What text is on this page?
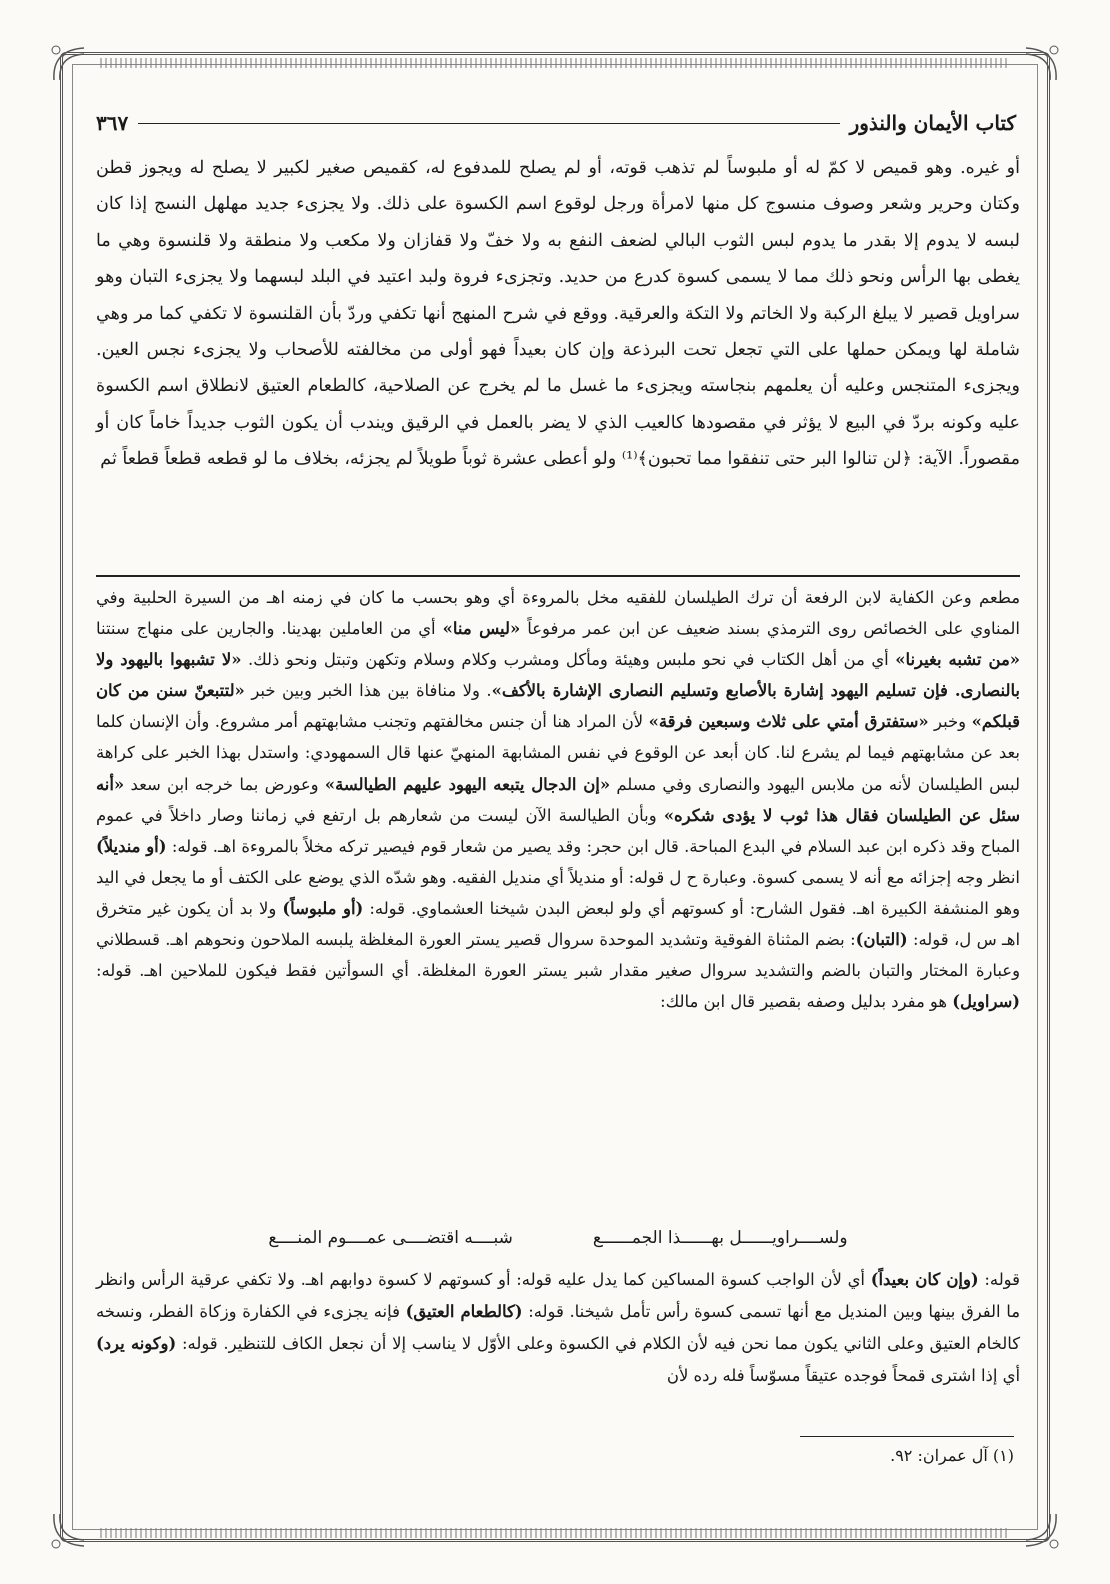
كتاب الأيمان والنذور
٣٦٧

أو غيره. وهو قميص لا كمّ له أو ملبوساً لم تذهب قوته، أو لم يصلح للمدفوع له، كقميص صغير لكبير لا يصلح له ويجوز قطن وكتان وحرير وشعر وصوف منسوج كل منها لامرأة ورجل لوقوع اسم الكسوة على ذلك. ولا يجزىء جديد مهلهل النسج إذا كان لبسه لا يدوم إلا بقدر ما يدوم لبس الثوب البالي لضعف النفع به ولا خفّ ولا قفازان ولا مكعب ولا منطقة ولا قلنسوة وهي ما يغطى بها الرأس ونحو ذلك مما لا يسمى كسوة كدرع من حديد. وتجزىء فروة ولبد اعتيد في البلد لبسهما ولا يجزىء التبان وهو سراويل قصير لا يبلغ الركبة ولا الخاتم ولا التكة والعرقية. ووقع في شرح المنهج أنها تكفي وردّ بأن القلنسوة لا تكفي كما مر وهي شاملة لها ويمكن حملها على التي تجعل تحت البرذعة وإن كان بعيداً فهو أولى من مخالفته للأصحاب ولا يجزىء نجس العين. ويجزىء المتنجس وعليه أن يعلمهم بنجاسته ويجزىء ما غسل ما لم يخرج عن الصلاحية، كالطعام العتيق لانطلاق اسم الكسوة عليه وكونه بردّ في البيع لا يؤثر في مقصودها كالعيب الذي لا يضر بالعمل في الرقيق ويندب أن يكون الثوب جديداً خاماً كان أو مقصوراً. الآية: ﴿لن تنالوا البر حتى تنفقوا مما تحبون﴾⁽¹⁾ ولو أعطى عشرة ثوباً طويلاً لم يجزئه، بخلاف ما لو قطعه قطعاً قطعاً ثم

مطعم وعن الكفاية لابن الرفعة أن ترك الطيلسان للفقيه مخل بالمروءة أي وهو بحسب ما كان في زمنه اهـ من السيرة الحلبية وفي المناوي على الخصائص روى الترمذي بسند ضعيف عن ابن عمر مرفوعاً «ليس منا» أي من العاملين بهدينا. والجارين على منهاج سنتنا «من تشبه بغيرنا» أي من أهل الكتاب في نحو ملبس وهيئة ومأكل ومشرب وكلام وسلام وتكهن وتبتل ونحو ذلك. «لا تشبهوا باليهود ولا بالنصارى. فإن تسليم اليهود إشارة بالأصابع وتسليم النصارى الإشارة بالأكف». ولا منافاة بين هذا الخبر وبين خبر «لتتبعنّ سنن من كان قبلكم» وخبر «ستفترق أمتي على ثلاث وسبعين فرقة» لأن المراد هنا أن جنس مخالفتهم وتجنب مشابهتهم أمر مشروع. وأن الإنسان كلما بعد عن مشابهتهم فيما لم يشرع لنا. كان أبعد عن الوقوع في نفس المشابهة المنهيّ عنها قال السمهودي: واستدل بهذا الخبر على كراهة لبس الطيلسان لأنه من ملابس اليهود والنصارى وفي مسلم «إن الدجال يتبعه اليهود عليهم الطيالسة» وعورض بما خرجه ابن سعد «أنه سئل عن الطيلسان فقال هذا ثوب لا يؤدى شكره» وبأن الطيالسة الآن ليست من شعارهم بل ارتفع في زماننا وصار داخلاً في عموم المباح وقد ذكره ابن عبد السلام في البدع المباحة. قال ابن حجر: وقد يصير من شعار قوم فيصير تركه مخلاً بالمروءة اهـ. قوله: (أو منديلاً) انظر وجه إجزائه مع أنه لا يسمى كسوة. وعبارة ح ل قوله: أو منديلاً أي منديل الفقيه. وهو شدّه الذي يوضع على الكتف أو ما يجعل في اليد وهو المنشفة الكبيرة اهـ. فقول الشارح: أو كسوتهم أي ولو لبعض البدن شيخنا العشماوي. قوله: (أو ملبوساً) ولا بد أن يكون غير متخرق اهـ س ل، قوله: (التبان): بضم المثناة الفوقية وتشديد الموحدة سروال قصير يستر العورة المغلظة يلبسه الملاحون ونحوهم اهـ. قسطلاني وعبارة المختار والتبان بالضم والتشديد سروال صغير مقدار شبر يستر العورة المغلظة. أي السوأتين فقط فيكون للملاحين اهـ. قوله: (سراويل) هو مفرد بدليل وصفه بقصير قال ابن مالك:

ولســــراويــــــل بهــــــذا الجمــــــع
شبــــه اقتضــــى عمــــوم المنــــع

قوله: (وإن كان بعيداً) أي لأن الواجب كسوة المساكين كما يدل عليه قوله: أو كسوتهم لا كسوة دوابهم اهـ. ولا تكفي عرقية الرأس وانظر ما الفرق بينها وبين المنديل مع أنها تسمى كسوة رأس تأمل شيخنا. قوله: (كالطعام العتيق) فإنه يجزىء في الكفارة وزكاة الفطر، ونسخه كالخام العتيق وعلى الثاني يكون مما نحن فيه لأن الكلام في الكسوة وعلى الأوّل لا يناسب إلا أن نجعل الكاف للتنظير. قوله: (وكونه يرد) أي إذا اشترى قمحاً فوجده عتيقاً مسوّساً فله رده لأن

(١) آل عمران: ٩٢.
